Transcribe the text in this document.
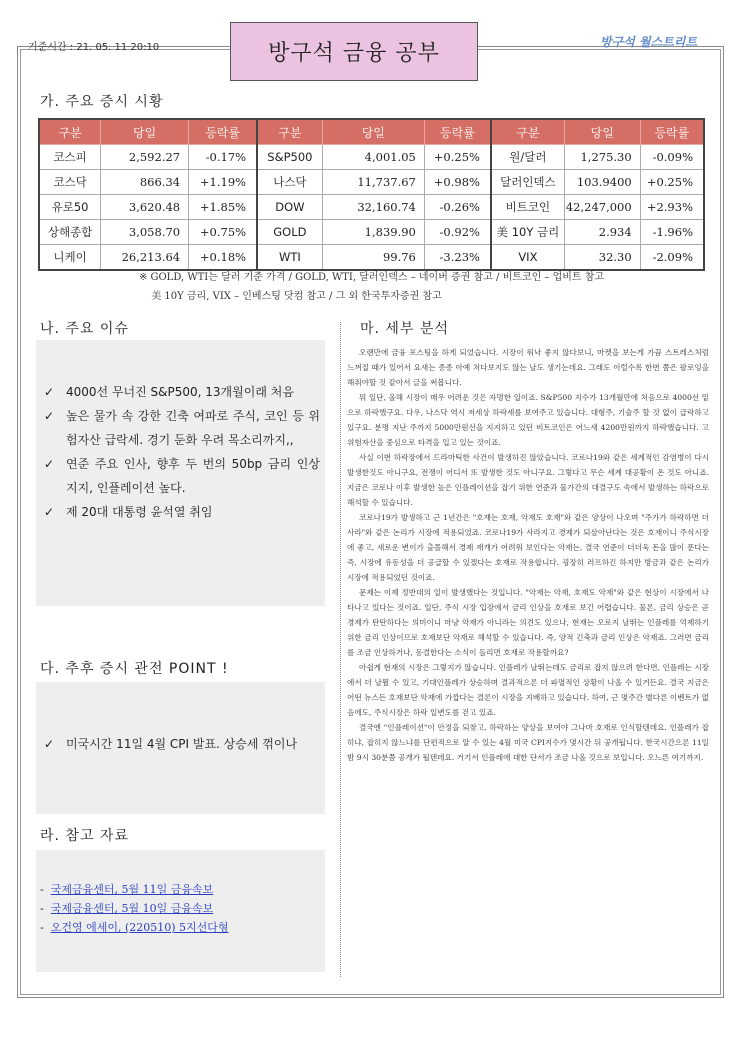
기준시간 : 21. 05. 11 20:10	방구석 금융 공부	방구석 월스트리트
가. 주요 증시 시황
구분	당일	등락률	구분	당일	등락률	구분	당일	등락률
코스피	2,592.27	-0.17%	S&P500	4,001.05	+0.25%	원/달러	1,275.30	-0.09%
코스닥	866.34	+1.19%	나스닥	11,737.67	+0.98%	달러인덱스	103.9400	+0.25%
유로50	3,620.48	+1.85%	DOW	32,160.74	-0.26%	비트코인	42,247,000	+2.93%
상해종합	3,058.70	+0.75%	GOLD	1,839.90	-0.92%	美 10Y 금리	2.934	-1.96%
니케이	26,213.64	+0.18%	WTI	99.76	-3.23%	VIX	32.30	-2.09%
※ GOLD, WTI는 달러 기준 가격 / GOLD, WTI, 달러인덱스 – 네이버 증권 참고 / 비트코인 – 업비트 참고
美 10Y 금리, VIX – 인베스팅 닷컴 참고 / 그 외 한국투자증권 참고
나. 주요 이슈
✓ 4000선 무너진 S&P500, 13개월이래 처음
✓ 높은 물가 속 강한 긴축 여파로 주식, 코인 등 위험자산 급락세. 경기 둔화 우려 목소리까지,,
✓ 연준 주요 인사, 향후 두 번의 50bp 금리 인상 지지, 인플레이션 높다.
✓ 제 20대 대통령 윤석열 취임
다. 추후 증시 관전 POINT !
✓ 미국시간 11일 4월 CPI 발표. 상승세 꺾이나
라. 참고 자료
- 국제금융센터, 5월 11일 금융속보
- 국제금융센터, 5월 10일 금융속보
- 오건영 에세이, (220510) 5지선다형
마. 세부 분석

오랜만에 금융 포스팅을 하게 되었습니다. 시장이 워낙 좋지 않다보니, 마켓을 보는게 가끔 스트레스처럼 느껴질 때가 있어서 요새는 종종 아예 쳐다보지도 않는 날도 생기는데요. 그래도 이럴수록 한번 쯤은 팔로잉을 해줘야할 것 같아서 글을 써봅니다.

뭐 일단, 올해 시장이 매우 어려운 것은 자명한 일이죠. S&P500 지수가 13개월만에 처음으로 4000선 밑으로 하락했구요. 다우, 나스닥 역시 저세상 하락세를 보여주고 있습니다. 대형주, 기술주 할 것 없이 급락하고 있구요. 분명 지난 주까지 5000만원선을 지지하고 있던 비트코인은 어느새 4200만원까지 하락했습니다. 고위험자산을 중심으로 타격을 입고 있는 것이죠.

사실 이번 하락장에서 드라마틱한 사건이 발생하진 않았습니다. 코로나19와 같은 세계적인 감염병이 다시 발생한것도 아니구요, 전쟁이 어디서 또 발생한 것도 아니구요. 그렇다고 무슨 세계 대공황이 온 것도 아니죠. 지금은 코로나 이후 발생한 높은 인플레이션을 잡기 위한 연준과 물가간의 대결구도 속에서 발생하는 하락으로 해석할 수 있습니다.

코로나19가 발생하고 근 1년간은 "호재는 호재, 악재도 호재"와 같은 양상이 나오며 "주가가 하락하면 더 사라"와 같은 논리가 시장에 적용되었죠. 코로나19가 사라지고 경제가 되살아난다는 것은 호재이니 주식시장에 좋고, 새로운 변이가 출몰해서 경제 재개가 어려워 보인다는 악재는, 결국 연준이 더더욱 돈을 많이 푼다는 즉, 시장에 유동성을 더 공급할 수 있겠다는 호재로 작용합니다. 굉장히 러프하긴 하지만 방금과 같은 논리가 시장에 적용되었던 것이죠.

문제는 이제 정반대의 일이 발생했다는 것입니다. "악재는 악재, 호재도 악재"와 같은 현상이 시장에서 나타나고 있다는 것이죠. 일단, 주식 시장 입장에서 금리 인상을 호재로 보긴 어렵습니다. 물론, 금리 상승은 곧 경제가 탄탄하다는 의미이니 마냥 악재가 아니라는 의견도 있으나, 현재는 오로지 날뛰는 인플레를 억제하기 위한 금리 인상이므로 호재보단 악재로 해석할 수 있습니다. 즉, 양적 긴축과 금리 인상은 악재죠. 그러면 금리를 조금 인상하거나, 동결한다는 소식이 들리면 호재로 작용할까요?

아쉽게 현재의 시장은 그렇지가 않습니다. 인플레가 날뛰는데도 금리로 잡지 않으려 한다면, 인플레는 시장에서 더 날뛸 수 있고, 기대인플레가 상승하며 결과적으론 더 파멸적인 상황이 나올 수 있거든요. 결국 지금은 어떤 뉴스든 호재보단 악재에 가깝다는 결론이 시장을 지배하고 있습니다. 하여, 근 몇주간 별다른 이벤트가 없음에도, 주식시장은 하락 일변도를 걷고 있죠.

결국엔 "인플레이션"이 안정을 되찾고, 하락하는 양상을 보여야 그나마 호재로 인식할텐데요. 인플레가 잡히냐, 잡히지 않느냐를 단편적으로 알 수 있는 4월 미국 CPI지수가 몇시간 뒤 공개됩니다. 한국시간으론 11일 밤 9시 30분쯤 공개가 될텐데요. 거기서 인플레에 대한 단서가 조금 나올 것으로 보입니다. 오느른 여기까지.
